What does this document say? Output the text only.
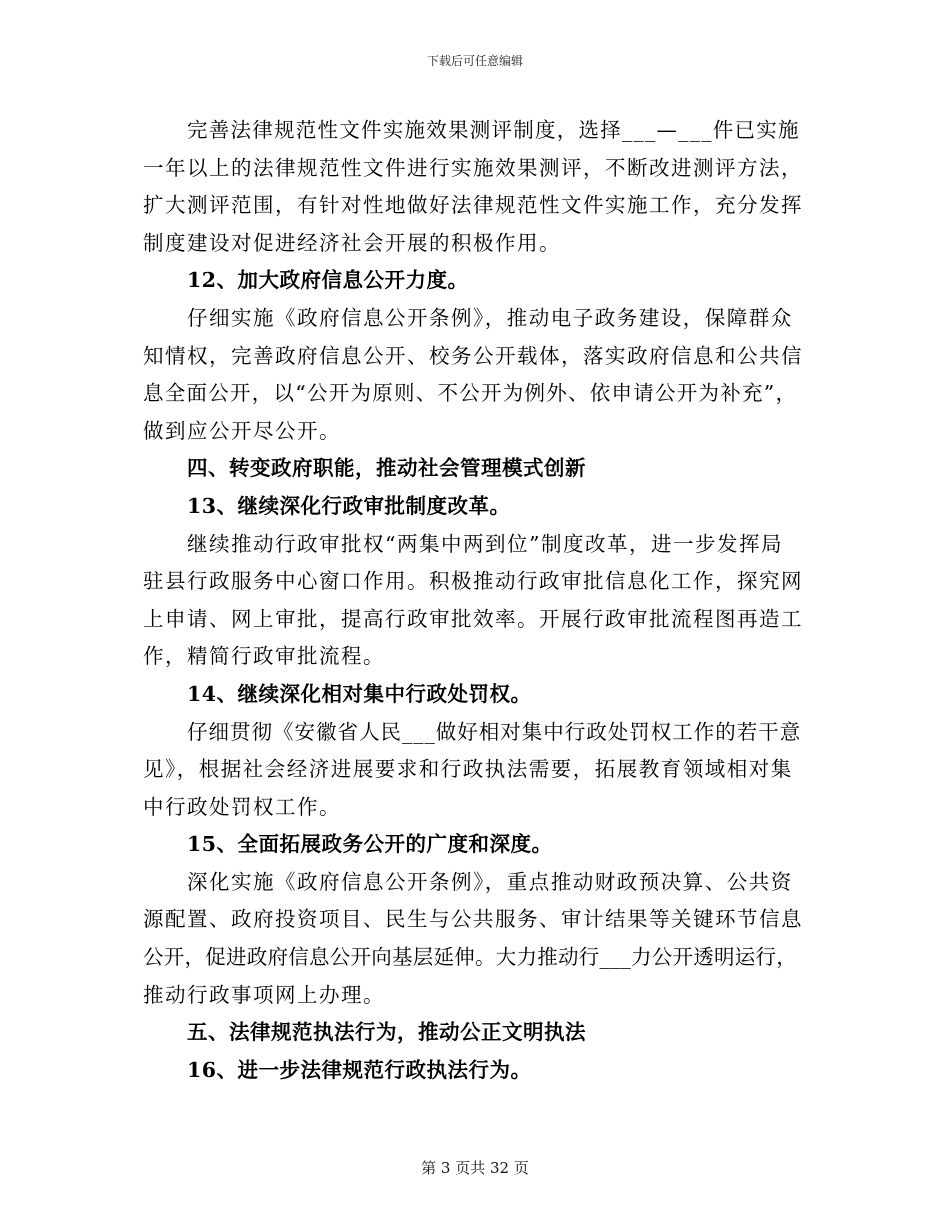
下载后可任意编辑
完善法律规范性文件实施效果测评制度，选择___—___件已实施
一年以上的法律规范性文件进行实施效果测评，不断改进测评方法，
扩大测评范围，有针对性地做好法律规范性文件实施工作，充分发挥
制度建设对促进经济社会开展的积极作用。
12、加大政府信息公开力度。
仔细实施《政府信息公开条例》，推动电子政务建设，保障群众
知情权，完善政府信息公开、校务公开载体，落实政府信息和公共信
息全面公开，以“公开为原则、不公开为例外、依申请公开为补充”，
做到应公开尽公开。
四、转变政府职能，推动社会管理模式创新
13、继续深化行政审批制度改革。
继续推动行政审批权“两集中两到位”制度改革，进一步发挥局
驻县行政服务中心窗口作用。积极推动行政审批信息化工作，探究网
上申请、网上审批，提高行政审批效率。开展行政审批流程图再造工
作，精简行政审批流程。
14、继续深化相对集中行政处罚权。
仔细贯彻《安徽省人民___做好相对集中行政处罚权工作的若干意
见》，根据社会经济进展要求和行政执法需要，拓展教育领域相对集
中行政处罚权工作。
15、全面拓展政务公开的广度和深度。
深化实施《政府信息公开条例》，重点推动财政预决算、公共资
源配置、政府投资项目、民生与公共服务、审计结果等关键环节信息
公开，促进政府信息公开向基层延伸。大力推动行___力公开透明运行，
推动行政事项网上办理。
五、法律规范执法行为，推动公正文明执法
16、进一步法律规范行政执法行为。
第 3 页共 32 页
